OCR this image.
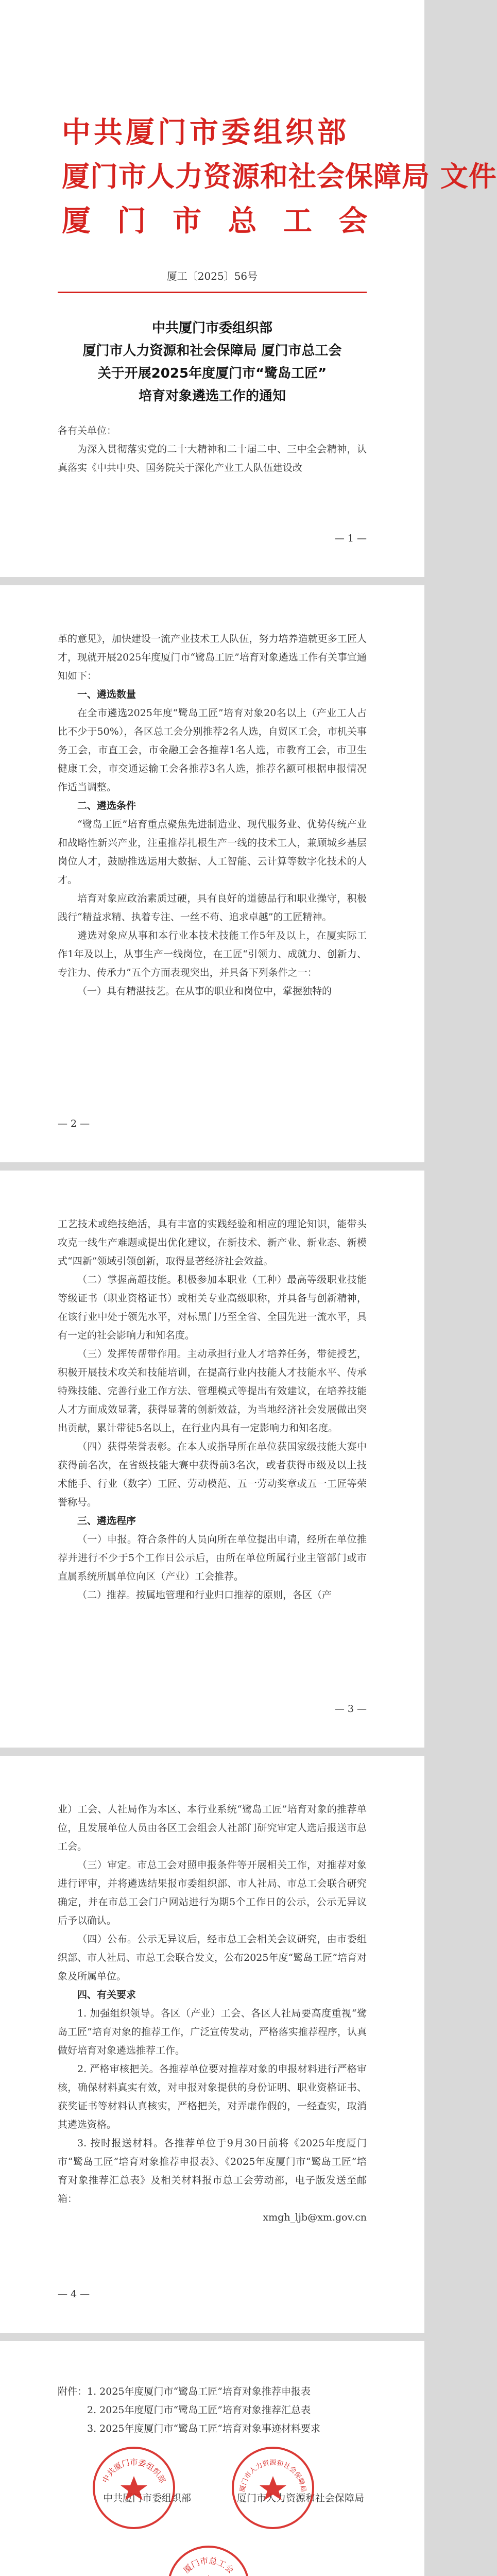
中共厦门市委组织部
厦门市人力资源和社会保障局 文件
厦 门 市 总 工 会
厦工〔2025〕56号
中共厦门市委组织部
厦门市人力资源和社会保障局 厦门市总工会
关于开展2025年度厦门市“鹭岛工匠”
培育对象遴选工作的通知

各有关单位：

为深入贯彻落实党的二十大精神和二十届二中、三中全会精神，认真落实《中共中央、国务院关于深化产业工人队伍建设改

— 1 —

革的意见》，加快建设一流产业技术工人队伍，努力培养造就更多工匠人才，现就开展2025年度厦门市“鹭岛工匠”培育对象遴选工作有关事宜通知如下：

一、遴选数量

在全市遴选2025年度“鹭岛工匠”培育对象20名以上（产业工人占比不少于50%），各区总工会分别推荐2名人选，自贸区工会，市机关事务工会，市直工会，市金融工会各推荐1名人选，市教育工会，市卫生健康工会，市交通运输工会各推荐3名人选，推荐名额可根据申报情况作适当调整。

二、遴选条件

“鹭岛工匠”培育重点聚焦先进制造业、现代服务业、优势传统产业和战略性新兴产业，注重推荐扎根生产一线的技术工人，兼顾城乡基层岗位人才，鼓励推选运用大数据、人工智能、云计算等数字化技术的人才。

培育对象应政治素质过硬，具有良好的道德品行和职业操守，积极践行“精益求精、执着专注、一丝不苟、追求卓越”的工匠精神。

遴选对象应从事和本行业本技术技能工作5年及以上，在厦实际工作1年及以上，从事生产一线岗位，在工匠“引领力、成就力、创新力、专注力、传承力”五个方面表现突出，并具备下列条件之一：

（一）具有精湛技艺。在从事的职业和岗位中，掌握独特的

— 2 —

工艺技术或绝技绝活，具有丰富的实践经验和相应的理论知识，能带头攻克一线生产难题或提出优化建议，在新技术、新产业、新业态、新模式“四新”领域引领创新，取得显著经济社会效益。

（二）掌握高超技能。积极参加本职业（工种）最高等级职业技能等级证书（职业资格证书）或相关专业高级职称，并具备与创新精神，在该行业中处于领先水平，对标黑门乃至全省、全国先进一流水平，具有一定的社会影响力和知名度。

（三）发挥传帮带作用。主动承担行业人才培养任务，带徒授艺，积极开展技术攻关和技能培训，在提高行业内技能人才技能水平、传承特殊技能、完善行业工作方法、管理模式等提出有效建议，在培养技能人才方面成效显著，获得显著的创新效益，为当地经济社会发展做出突出贡献，累计带徒5名以上，在行业内具有一定影响力和知名度。

（四）获得荣誉表彰。在本人或指导所在单位获国家级技能大赛中获得前名次，在省级技能大赛中获得前3名次，或者获得市级及以上技术能手、行业（数字）工匠、劳动模范、五一劳动奖章或五一工匠等荣誉称号。

三、遴选程序

（一）申报。符合条件的人员向所在单位提出申请，经所在单位推荐并进行不少于5个工作日公示后，由所在单位所属行业主管部门或市直属系统所属单位向区（产业）工会推荐。

（二）推荐。按属地管理和行业归口推荐的原则，各区（产

— 3 —

业）工会、人社局作为本区、本行业系统“鹭岛工匠”培育对象的推荐单位，且发展单位人员由各区工会组会人社部门研究审定人选后报送市总工会。

（三）审定。市总工会对照申报条件等开展相关工作，对推荐对象进行评审，并将遴选结果报市委组织部、市人社局、市总工会联合研究确定，并在市总工会门户网站进行为期5个工作日的公示，公示无异议后予以确认。

（四）公布。公示无异议后，经市总工会相关会议研究，由市委组织部、市人社局、市总工会联合发文，公布2025年度“鹭岛工匠”培育对象及所属单位。

四、有关要求

1. 加强组织领导。各区（产业）工会、各区人社局要高度重视“鹭岛工匠”培育对象的推荐工作，广泛宣传发动，严格落实推荐程序，认真做好培育对象遴选推荐工作。

2. 严格审核把关。各推荐单位要对推荐对象的申报材料进行严格审核，确保材料真实有效，对申报对象提供的身份证明、职业资格证书、获奖证书等材料认真核实，严格把关，对弄虚作假的，一经查实，取消其遴选资格。

3. 按时报送材料。各推荐单位于9月30日前将《2025年度厦门市“鹭岛工匠”培育对象推荐申报表》、《2025年度厦门市“鹭岛工匠”培育对象推荐汇总表》及相关材料报市总工会劳动部，电子版发送至邮箱：

xmgh_ljb@xm.gov.cn

— 4 —

附件：1. 2025年度厦门市“鹭岛工匠”培育对象推荐申报表

2. 2025年度厦门市“鹭岛工匠”培育对象推荐汇总表

3. 2025年度厦门市“鹭岛工匠”培育对象事迹材料要求

中共厦门市委组织部	厦门市人力资源和社会保障局
中共厦门市委组织部
厦门市人力资源和社会保障局
厦门市总工会
